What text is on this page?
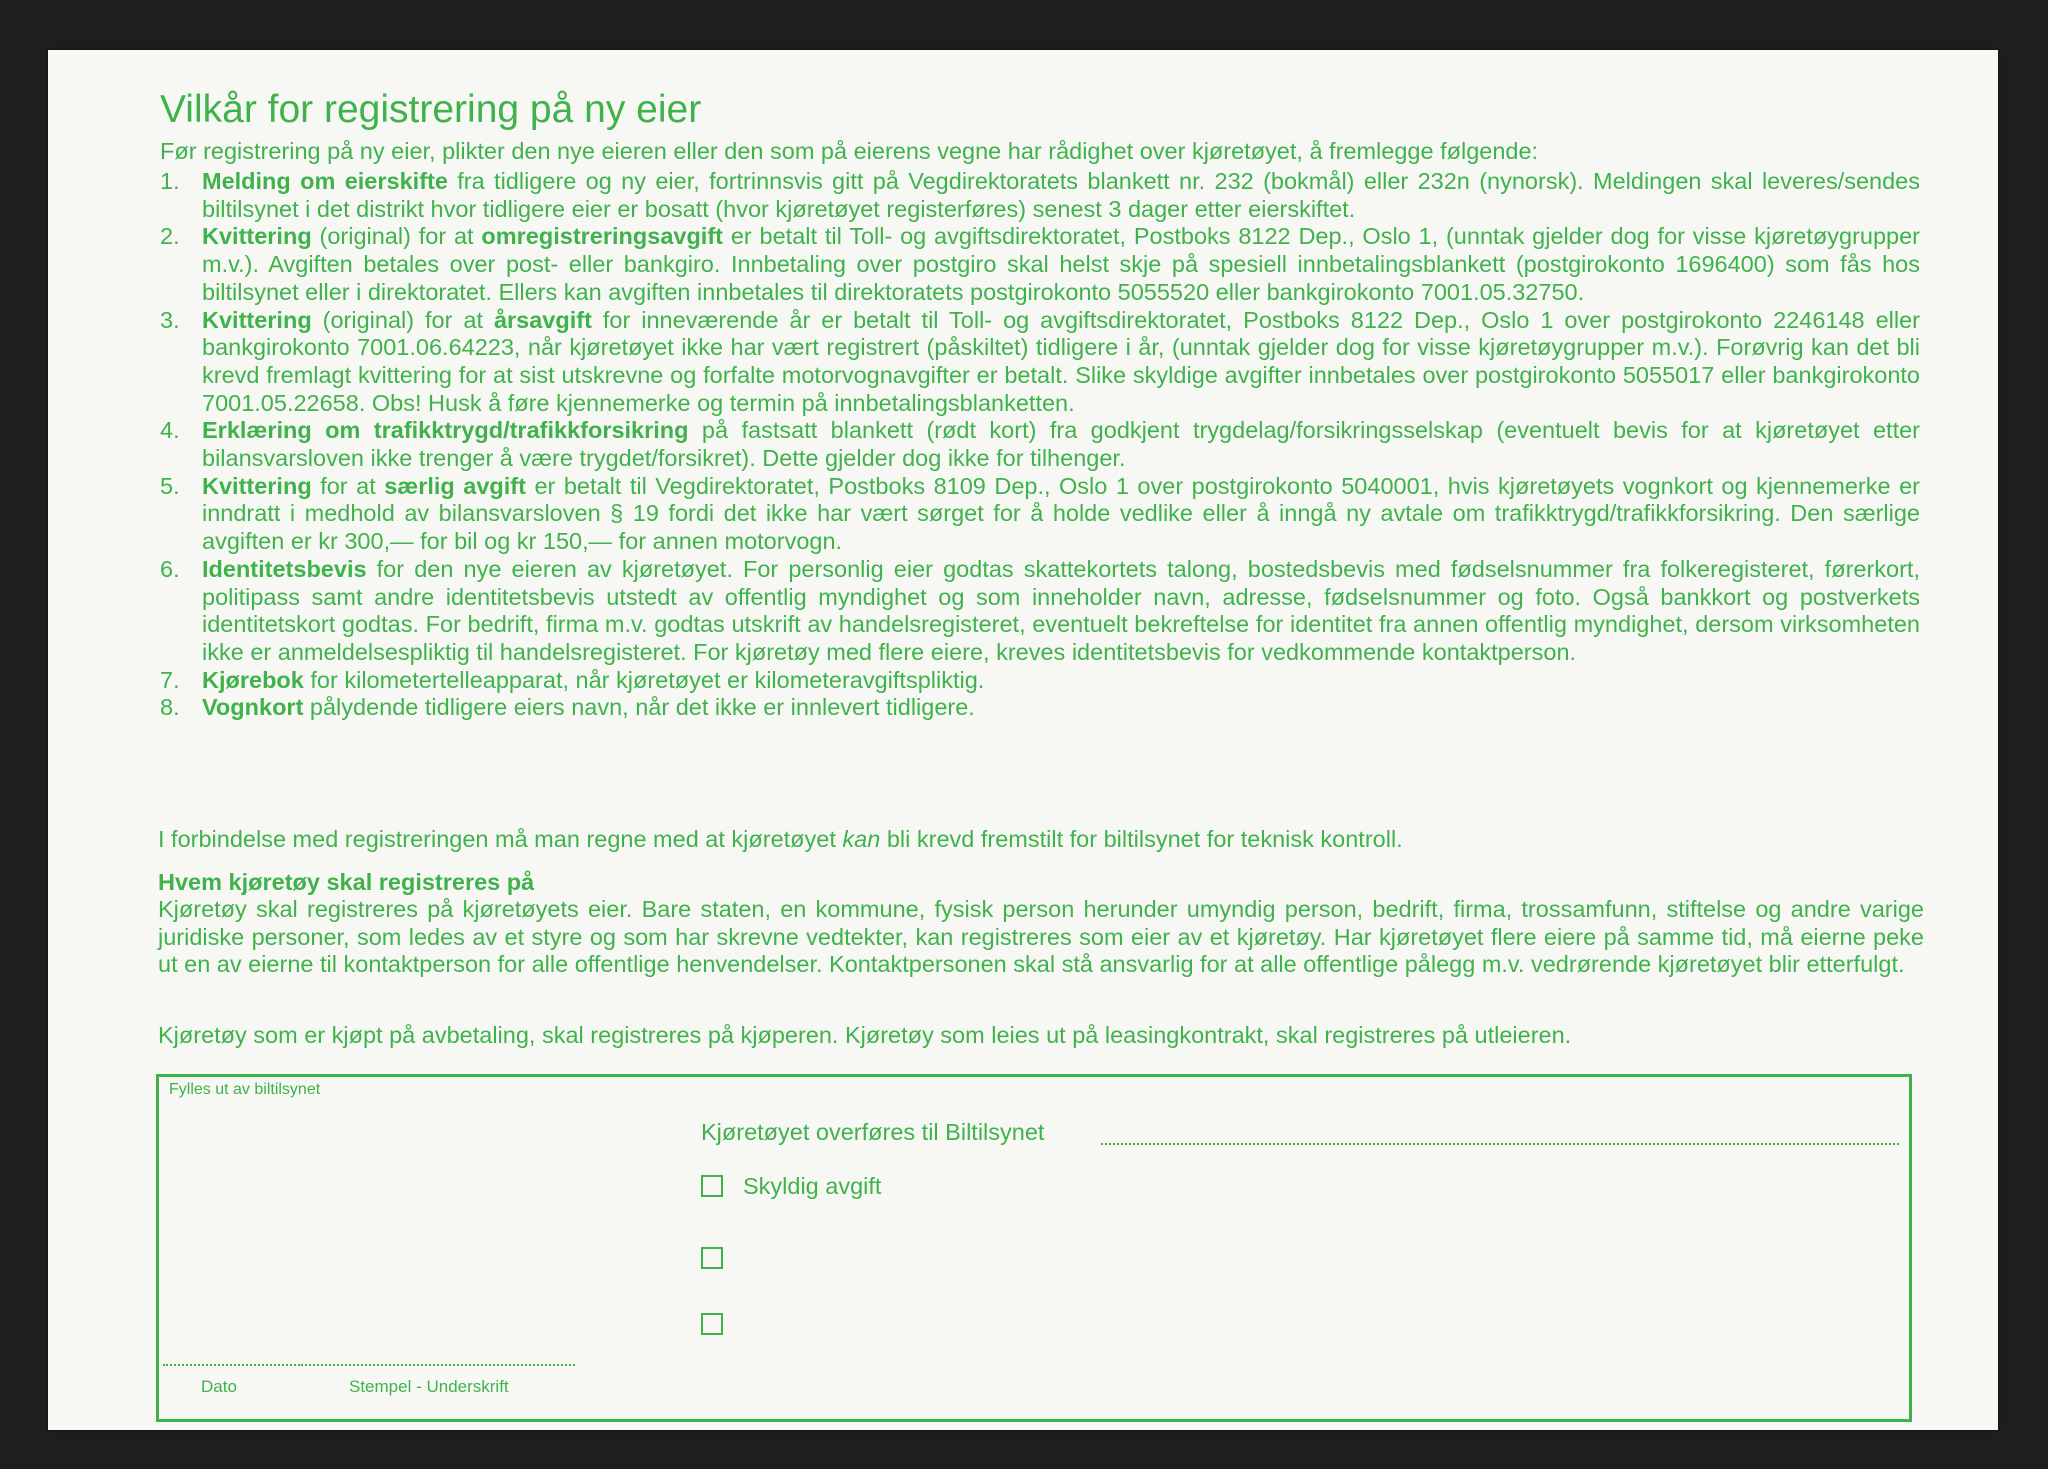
Vilkår for registrering på ny eier
Før registrering på ny eier, plikter den nye eieren eller den som på eierens vegne har rådighet over kjøretøyet, å fremlegge følgende:
1. Melding om eierskifte fra tidligere og ny eier, fortrinnsvis gitt på Vegdirektoratets blankett nr. 232 (bokmål) eller 232n (nynorsk). Meldingen skal leveres/sendes biltilsynet i det distrikt hvor tidligere eier er bosatt (hvor kjøretøyet registerføres) senest 3 dager etter eierskiftet.
2. Kvittering (original) for at omregistreringsavgift er betalt til Toll- og avgiftsdirektoratet, Postboks 8122 Dep., Oslo 1, (unntak gjelder dog for visse kjøretøygrupper m.v.). Avgiften betales over post- eller bankgiro. Innbetaling over postgiro skal helst skje på spesiell innbetalingsblankett (postgirokonto 1696400) som fås hos biltilsynet eller i direktoratet. Ellers kan avgiften innbetales til direktoratets postgirokonto 5055520 eller bankgirokonto 7001.05.32750.
3. Kvittering (original) for at årsavgift for inneværende år er betalt til Toll- og avgiftsdirektoratet, Postboks 8122 Dep., Oslo 1 over postgirokonto 2246148 eller bankgirokonto 7001.06.64223, når kjøretøyet ikke har vært registrert (påskiltet) tidligere i år, (unntak gjelder dog for visse kjøretøygrupper m.v.). Forøvrig kan det bli krevd fremlagt kvittering for at sist utskrevne og forfalte motorvognavgifter er betalt. Slike skyldige avgifter innbetales over postgirokonto 5055017 eller bankgirokonto 7001.05.22658. Obs! Husk å føre kjennemerke og termin på innbetalingsblanketten.
4. Erklæring om trafikktrygd/trafikkforsikring på fastsatt blankett (rødt kort) fra godkjent trygdelag/forsikringsselskap (eventuelt bevis for at kjøretøyet etter bilansvarsloven ikke trenger å være trygdet/forsikret). Dette gjelder dog ikke for tilhenger.
5. Kvittering for at særlig avgift er betalt til Vegdirektoratet, Postboks 8109 Dep., Oslo 1 over postgirokonto 5040001, hvis kjøretøyets vognkort og kjennemerke er inndratt i medhold av bilansvarsloven § 19 fordi det ikke har vært sørget for å holde vedlike eller å inngå ny avtale om trafikktrygd/trafikkforsikring. Den særlige avgiften er kr 300,— for bil og kr 150,— for annen motorvogn.
6. Identitetsbevis for den nye eieren av kjøretøyet. For personlig eier godtas skattekortets talong, bostedsbevis med fødselsnummer fra folkeregisteret, førerkort, politipass samt andre identitetsbevis utstedt av offentlig myndighet og som inneholder navn, adresse, fødselsnummer og foto. Også bankkort og postverkets identitetskort godtas. For bedrift, firma m.v. godtas utskrift av handelsregisteret, eventuelt bekreftelse for identitet fra annen offentlig myndighet, dersom virksomheten ikke er anmeldelsespliktig til handelsregisteret. For kjøretøy med flere eiere, kreves identitetsbevis for vedkommende kontaktperson.
7. Kjørebok for kilometertelleapparat, når kjøretøyet er kilometeravgiftspliktig.
8. Vognkort pålydende tidligere eiers navn, når det ikke er innlevert tidligere.
I forbindelse med registreringen må man regne med at kjøretøyet kan bli krevd fremstilt for biltilsynet for teknisk kontroll.
Hvem kjøretøy skal registreres på
Kjøretøy skal registreres på kjøretøyets eier. Bare staten, en kommune, fysisk person herunder umyndig person, bedrift, firma, trossamfunn, stiftelse og andre varige juridiske personer, som ledes av et styre og som har skrevne vedtekter, kan registreres som eier av et kjøretøy. Har kjøretøyet flere eiere på samme tid, må eierne peke ut en av eierne til kontaktperson for alle offentlige henvendelser. Kontaktpersonen skal stå ansvarlig for at alle offentlige pålegg m.v. vedrørende kjøretøyet blir etterfulgt.
Kjøretøy som er kjøpt på avbetaling, skal registreres på kjøperen. Kjøretøy som leies ut på leasingkontrakt, skal registreres på utleieren.
Fylles ut av biltilsynet
Kjøretøyet overføres til Biltilsynet
Skyldig avgift
Dato	Stempel - Underskrift
